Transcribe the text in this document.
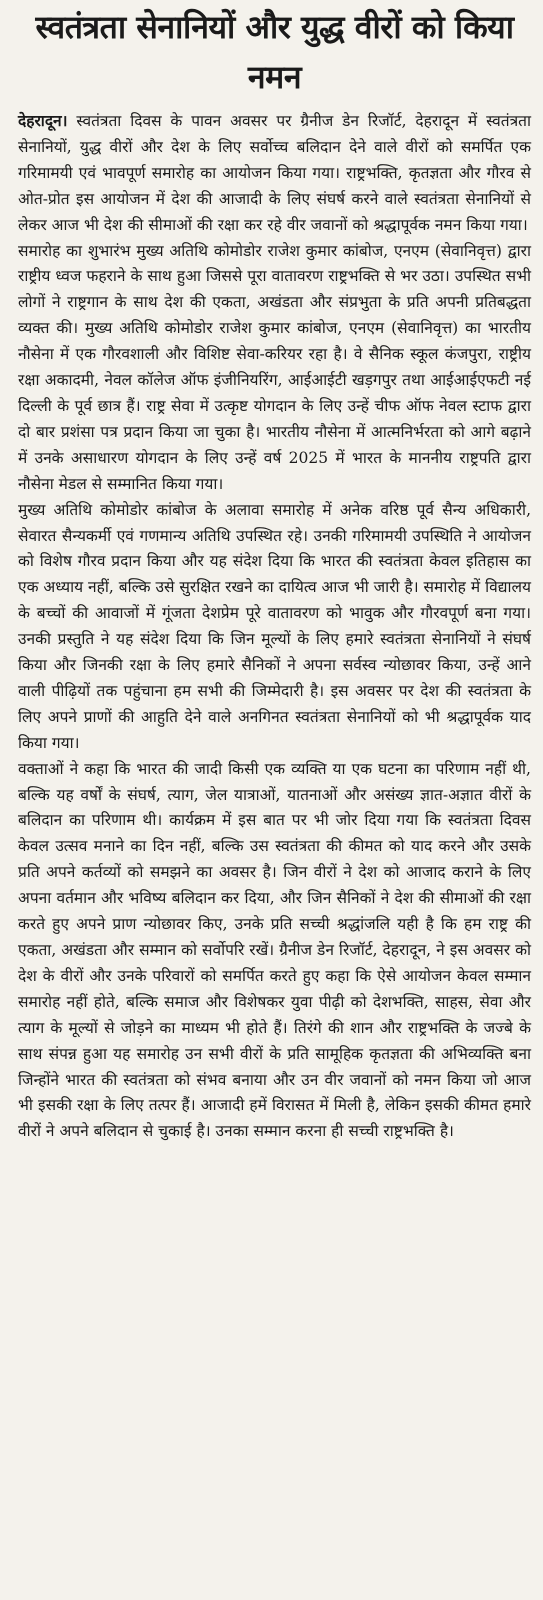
स्वतंत्रता सेनानियों और युद्ध वीरों को किया नमन

देहरादून। स्वतंत्रता दिवस के पावन अवसर पर ग्रैनीज डेन रिजॉर्ट, देहरादून में स्वतंत्रता सेनानियों, युद्ध वीरों और देश के लिए सर्वोच्च बलिदान देने वाले वीरों को समर्पित एक गरिमामयी एवं भावपूर्ण समारोह का आयोजन किया गया। राष्ट्रभक्ति, कृतज्ञता और गौरव से ओत-प्रोत इस आयोजन में देश की आजादी के लिए संघर्ष करने वाले स्वतंत्रता सेनानियों से लेकर आज भी देश की सीमाओं की रक्षा कर रहे वीर जवानों को श्रद्धापूर्वक नमन किया गया।

समारोह का शुभारंभ मुख्य अतिथि कोमोडोर राजेश कुमार कांबोज, एनएम (सेवानिवृत्त) द्वारा राष्ट्रीय ध्वज फहराने के साथ हुआ जिससे पूरा वातावरण राष्ट्रभक्ति से भर उठा। उपस्थित सभी लोगों ने राष्ट्रगान के साथ देश की एकता, अखंडता और संप्रभुता के प्रति अपनी प्रतिबद्धता व्यक्त की। मुख्य अतिथि कोमोडोर राजेश कुमार कांबोज, एनएम (सेवानिवृत्त) का भारतीय नौसेना में एक गौरवशाली और विशिष्ट सेवा-करियर रहा है। वे सैनिक स्कूल कंजपुरा, राष्ट्रीय रक्षा अकादमी, नेवल कॉलेज ऑफ इंजीनियरिंग, आईआईटी खड़गपुर तथा आईआईएफटी नई दिल्ली के पूर्व छात्र हैं। राष्ट्र सेवा में उत्कृष्ट योगदान के लिए उन्हें चीफ ऑफ नेवल स्टाफ द्वारा दो बार प्रशंसा पत्र प्रदान किया जा चुका है। भारतीय नौसेना में आत्मनिर्भरता को आगे बढ़ाने में उनके असाधारण योगदान के लिए उन्हें वर्ष 2025 में भारत के माननीय राष्ट्रपति द्वारा नौसेना मेडल से सम्मानित किया गया।

मुख्य अतिथि कोमोडोर कांबोज के अलावा समारोह में अनेक वरिष्ठ पूर्व सैन्य अधिकारी, सेवारत सैन्यकर्मी एवं गणमान्य अतिथि उपस्थित रहे। उनकी गरिमामयी उपस्थिति ने आयोजन को विशेष गौरव प्रदान किया और यह संदेश दिया कि भारत की स्वतंत्रता केवल इतिहास का एक अध्याय नहीं, बल्कि उसे सुरक्षित रखने का दायित्व आज भी जारी है। समारोह में विद्यालय के बच्चों की आवाजों में गूंजता देशप्रेम पूरे वातावरण को भावुक और गौरवपूर्ण बना गया। उनकी प्रस्तुति ने यह संदेश दिया कि जिन मूल्यों के लिए हमारे स्वतंत्रता सेनानियों ने संघर्ष किया और जिनकी रक्षा के लिए हमारे सैनिकों ने अपना सर्वस्व न्योछावर किया, उन्हें आने वाली पीढ़ियों तक पहुंचाना हम सभी की जिम्मेदारी है। इस अवसर पर देश की स्वतंत्रता के लिए अपने प्राणों की आहुति देने वाले अनगिनत स्वतंत्रता सेनानियों को भी श्रद्धापूर्वक याद किया गया।

वक्ताओं ने कहा कि भारत की जादी किसी एक व्यक्ति या एक घटना का परिणाम नहीं थी, बल्कि यह वर्षों के संघर्ष, त्याग, जेल यात्राओं, यातनाओं और असंख्य ज्ञात-अज्ञात वीरों के बलिदान का परिणाम थी। कार्यक्रम में इस बात पर भी जोर दिया गया कि स्वतंत्रता दिवस केवल उत्सव मनाने का दिन नहीं, बल्कि उस स्वतंत्रता की कीमत को याद करने और उसके प्रति अपने कर्तव्यों को समझने का अवसर है। जिन वीरों ने देश को आजाद कराने के लिए अपना वर्तमान और भविष्य बलिदान कर दिया, और जिन सैनिकों ने देश की सीमाओं की रक्षा करते हुए अपने प्राण न्योछावर किए, उनके प्रति सच्ची श्रद्धांजलि यही है कि हम राष्ट्र की एकता, अखंडता और सम्मान को सर्वोपरि रखें। ग्रैनीज डेन रिजॉर्ट, देहरादून, ने इस अवसर को देश के वीरों और उनके परिवारों को समर्पित करते हुए कहा कि ऐसे आयोजन केवल सम्मान समारोह नहीं होते, बल्कि समाज और विशेषकर युवा पीढ़ी को देशभक्ति, साहस, सेवा और त्याग के मूल्यों से जोड़ने का माध्यम भी होते हैं। तिरंगे की शान और राष्ट्रभक्ति के जज्बे के साथ संपन्न हुआ यह समारोह उन सभी वीरों के प्रति सामूहिक कृतज्ञता की अभिव्यक्ति बना जिन्होंने भारत की स्वतंत्रता को संभव बनाया और उन वीर जवानों को नमन किया जो आज भी इसकी रक्षा के लिए तत्पर हैं। आजादी हमें विरासत में मिली है, लेकिन इसकी कीमत हमारे वीरों ने अपने बलिदान से चुकाई है। उनका सम्मान करना ही सच्ची राष्ट्रभक्ति है।
